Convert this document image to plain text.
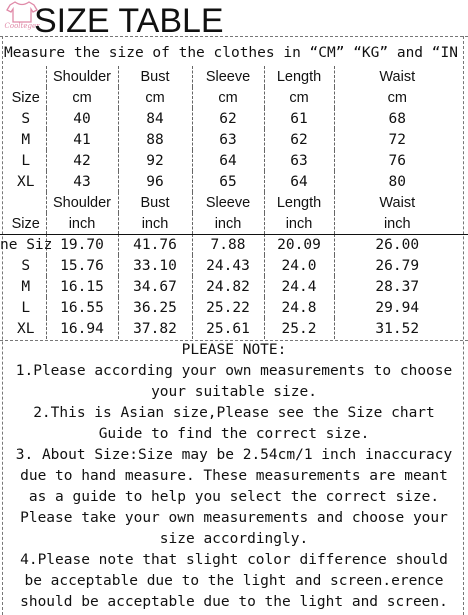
Coolteger
SIZE TABLE
Measure the size of the clothes in “CM” “KG” and “IN
	Shoulder	Bust	Sleeve	Length	Waist
Size	cm	cm	cm	cm	cm
S	40	84	62	61	68
M	41	88	63	62	72
L	42	92	64	63	76
XL	43	96	65	64	80
	Shoulder	Bust	Sleeve	Length	Waist
Size	inch	inch	inch	inch	inch
ne Siz	19.70	41.76	7.88	20.09	26.00
S	15.76	33.10	24.43	24.0	26.79
M	16.15	34.67	24.82	24.4	28.37
L	16.55	36.25	25.22	24.8	29.94
XL	16.94	37.82	25.61	25.2	31.52
PLEASE NOTE:
1.Please according your own measurements to choose
your suitable size.
2.This is Asian size,Please see the Size chart
Guide to find the correct size.
3. About Size:Size may be 2.54cm/1 inch inaccuracy
due to hand measure. These measurements are meant
as a guide to help you select the correct size.
Please take your own measurements and choose your
size accordingly.
4.Please note that slight color difference should
be acceptable due to the light and screen.erence
should be acceptable due to the light and screen.
